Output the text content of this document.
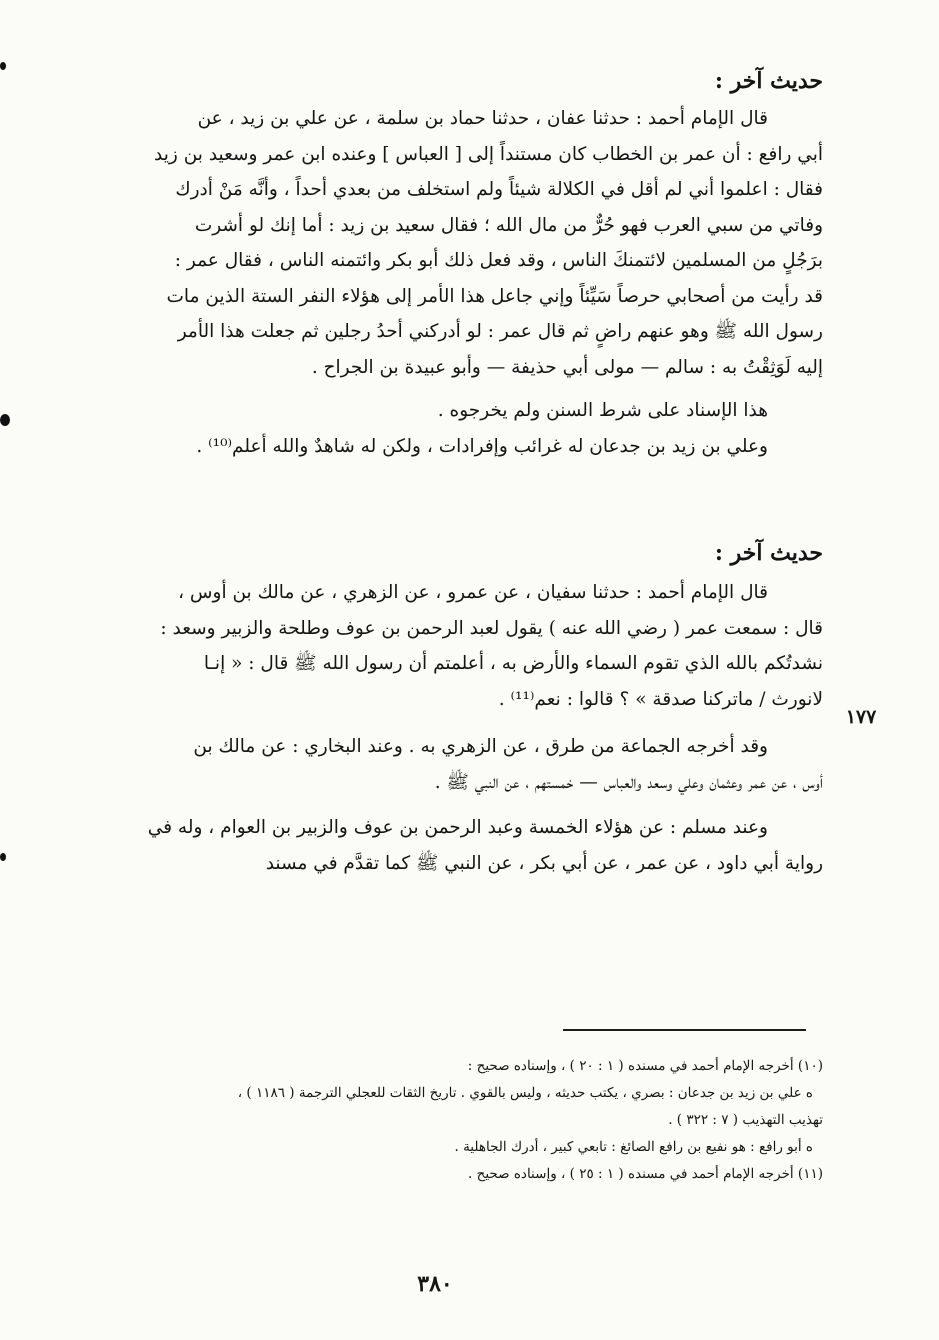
حديث آخر :
قال الإمام أحمد : حدثنا عفان ، حدثنا حماد بن سلمة ، عن علي بن زيد ، عن
أبي رافع : أن عمر بن الخطاب كان مستنداً إلى [ العباس ] وعنده ابن عمر وسعيد بن زيد
فقال : اعلموا أني لم أقل في الكلالة شيئاً ولم استخلف من بعدي أحداً ، وأنَّه مَنْ أدرك
وفاتي من سبي العرب فهو حُرٌّ من مال الله ؛ فقال سعيد بن زيد : أما إنك لو أشرت
برَجُلٍ من المسلمين لائتمنكَ الناس ، وقد فعل ذلك أبو بكر وائتمنه الناس ، فقال عمر :
قد رأيت من أصحابي حرصاً سَيِّئاً وإني جاعل هذا الأمر إلى هؤلاء النفر الستة الذين مات
رسول الله ﷺ وهو عنهم راضٍ ثم قال عمر : لو أدركني أحدُ رجلين ثم جعلت هذا الأمر
إليه لَوَثِقْتُ به : سالم — مولى أبي حذيفة — وأبو عبيدة بن الجراح .
هذا الإسناد على شرط السنن ولم يخرجوه .
وعلي بن زيد بن جدعان له غرائب وإفرادات ، ولكن له شاهدٌ والله أعلم⁽¹⁰⁾ .
حديث آخر :
قال الإمام أحمد : حدثنا سفيان ، عن عمرو ، عن الزهري ، عن مالك بن أوس ،
قال : سمعت عمر ( رضي الله عنه ) يقول لعبد الرحمن بن عوف وطلحة والزبير وسعد :
نشدتُكم بالله الذي تقوم السماء والأرض به ، أعلمتم أن رسول الله ﷺ قال : « إنـا
لانورث / ماتركنا صدقة » ؟ قالوا : نعم⁽¹¹⁾ .
وقد أخرجه الجماعة من طرق ، عن الزهري به . وعند البخاري : عن مالك بن
أوس ، عن عمر وعثمان وعلي وسعد والعباس — خمستهم ، عن النبي ﷺ .
وعند مسلم : عن هؤلاء الخمسة وعبد الرحمن بن عوف والزبير بن العوام ، وله في
رواية أبي داود ، عن عمر ، عن أبي بكر ، عن النبي ﷺ كما تقدَّم في مسند
١٧٧
(١٠) أخرجه الإمام أحمد في مسنده ( ١ : ٢٠ ) ، وإسناده صحيح :
ه علي بن زيد بن جدعان : بصري ، يكتب حديثه ، وليس بالقوي . تاريخ الثقات للعجلي الترجمة ( ١١٨٦ ) ،
تهذيب التهذيب ( ٧ : ٣٢٢ ) .
ه أبو رافع : هو نفيع بن رافع الصائغ : تابعي كبير ، أدرك الجاهلية .
(١١) أخرجه الإمام أحمد في مسنده ( ١ : ٢٥ ) ، وإسناده صحيح .
٣٨٠
